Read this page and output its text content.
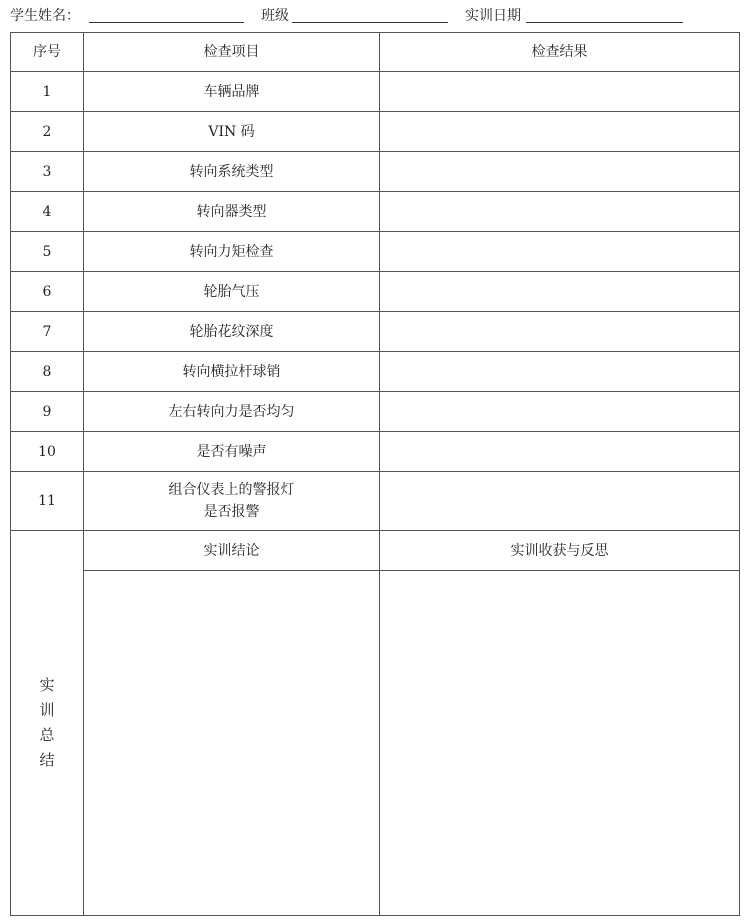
学生姓名：	班级	实训日期
序号	检查项目	检查结果
1	车辆品牌	
2	VIN 码	
3	转向系统类型	
4	转向器类型	
5	转向力矩检查	
6	轮胎气压	
7	轮胎花纹深度	
8	转向横拉杆球销	
9	左右转向力是否均匀	
10	是否有噪声	
11	组合仪表上的警报灯
是否报警	
实训总结	实训结论	实训收获与反思
